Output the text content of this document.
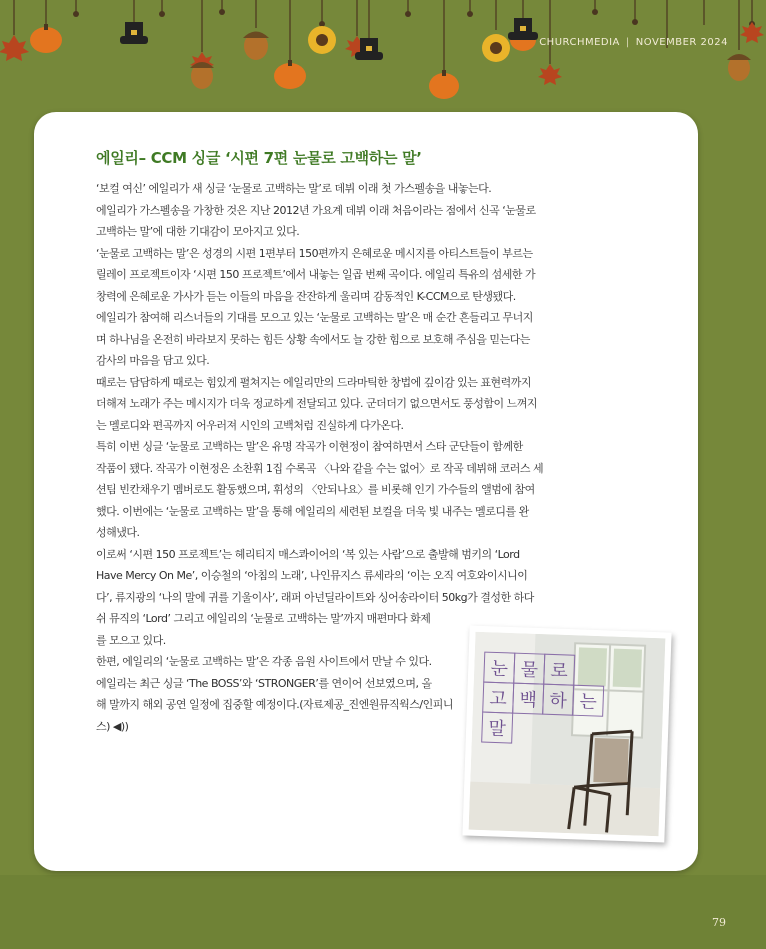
CHURCHMEDIA | NOVEMBER 2024
에일리– CCM 싱글 ‘시편 7편 눈물로 고백하는 말’

‘보컬 여신’ 에일리가 새 싱글 ‘눈물로 고백하는 말’로 데뷔 이래 첫 가스펠송을 내놓는다.

에일리가 가스펠송을 가창한 것은 지난 2012년 가요계 데뷔 이래 처음이라는 점에서 신곡 ‘눈물로

고백하는 말’에 대한 기대감이 모아지고 있다.

‘눈물로 고백하는 말’은 성경의 시편 1편부터 150편까지 은혜로운 메시지를 아티스트들이 부르는

릴레이 프로젝트이자 ‘시편 150 프로젝트’에서 내놓는 일곱 번째 곡이다. 에일리 특유의 섬세한 가

창력에 은혜로운 가사가 듣는 이들의 마음을 잔잔하게 울리며 감동적인 K-CCM으로 탄생됐다.

에일리가 참여해 리스너들의 기대를 모으고 있는 ‘눈물로 고백하는 말’은 매 순간 흔들리고 무너지

며 하나님을 온전히 바라보지 못하는 힘든 상황 속에서도 늘 강한 힘으로 보호해 주심을 믿는다는

감사의 마음을 담고 있다.

때로는 담담하게 때로는 힘있게 펼쳐지는 에일리만의 드라마틱한 창법에 깊이감 있는 표현력까지

더해져 노래가 주는 메시지가 더욱 정교하게 전달되고 있다. 군더더기 없으면서도 풍성함이 느껴지

는 멜로디와 편곡까지 어우러져 시인의 고백처럼 진실하게 다가온다.

특히 이번 싱글 ‘눈물로 고백하는 말’은 유명 작곡가 이현정이 참여하면서 스타 군단들이 함께한

작품이 됐다. 작곡가 이현정은 소찬휘 1집 수록곡 〈나와 같을 수는 없어〉로 작곡 데뷔해 코러스 세

션팀 빈칸채우기 멤버로도 활동했으며, 휘성의 〈안되나요〉를 비롯해 인기 가수들의 앨범에 참여

했다. 이번에는 ‘눈물로 고백하는 말’을 통해 에일리의 세련된 보컬을 더욱 빛 내주는 멜로디를 완

성해냈다.

이로써 ‘시편 150 프로젝트’는 헤리티지 매스콰이어의 ‘복 있는 사람’으로 출발해 범키의 ‘Lord

Have Mercy On Me’, 이승철의 ‘아침의 노래’, 나인뮤지스 류세라의 ‘이는 오직 여호와이시니이

다’, 류지광의 ‘나의 말에 귀를 기울이사’, 래퍼 아넌딜라이트와 싱어송라이터 50kg가 결성한 하다

쉬 뮤직의 ‘Lord’ 그리고 에일리의 ‘눈물로 고백하는 말’까지 매편마다 화제

를 모으고 있다.

한편, 에일리의 ‘눈물로 고백하는 말’은 각종 음원 사이트에서 만날 수 있다.

에일리는 최근 싱글 ‘The BOSS’와 ‘STRONGER’를 연이어 선보였으며, 올

해 말까지 해외 공연 일정에 집중할 예정이다.(자료제공_진엔원뮤직웍스/인피니

스) ◀))

눈 물 로
고 백 하 는
말
79
